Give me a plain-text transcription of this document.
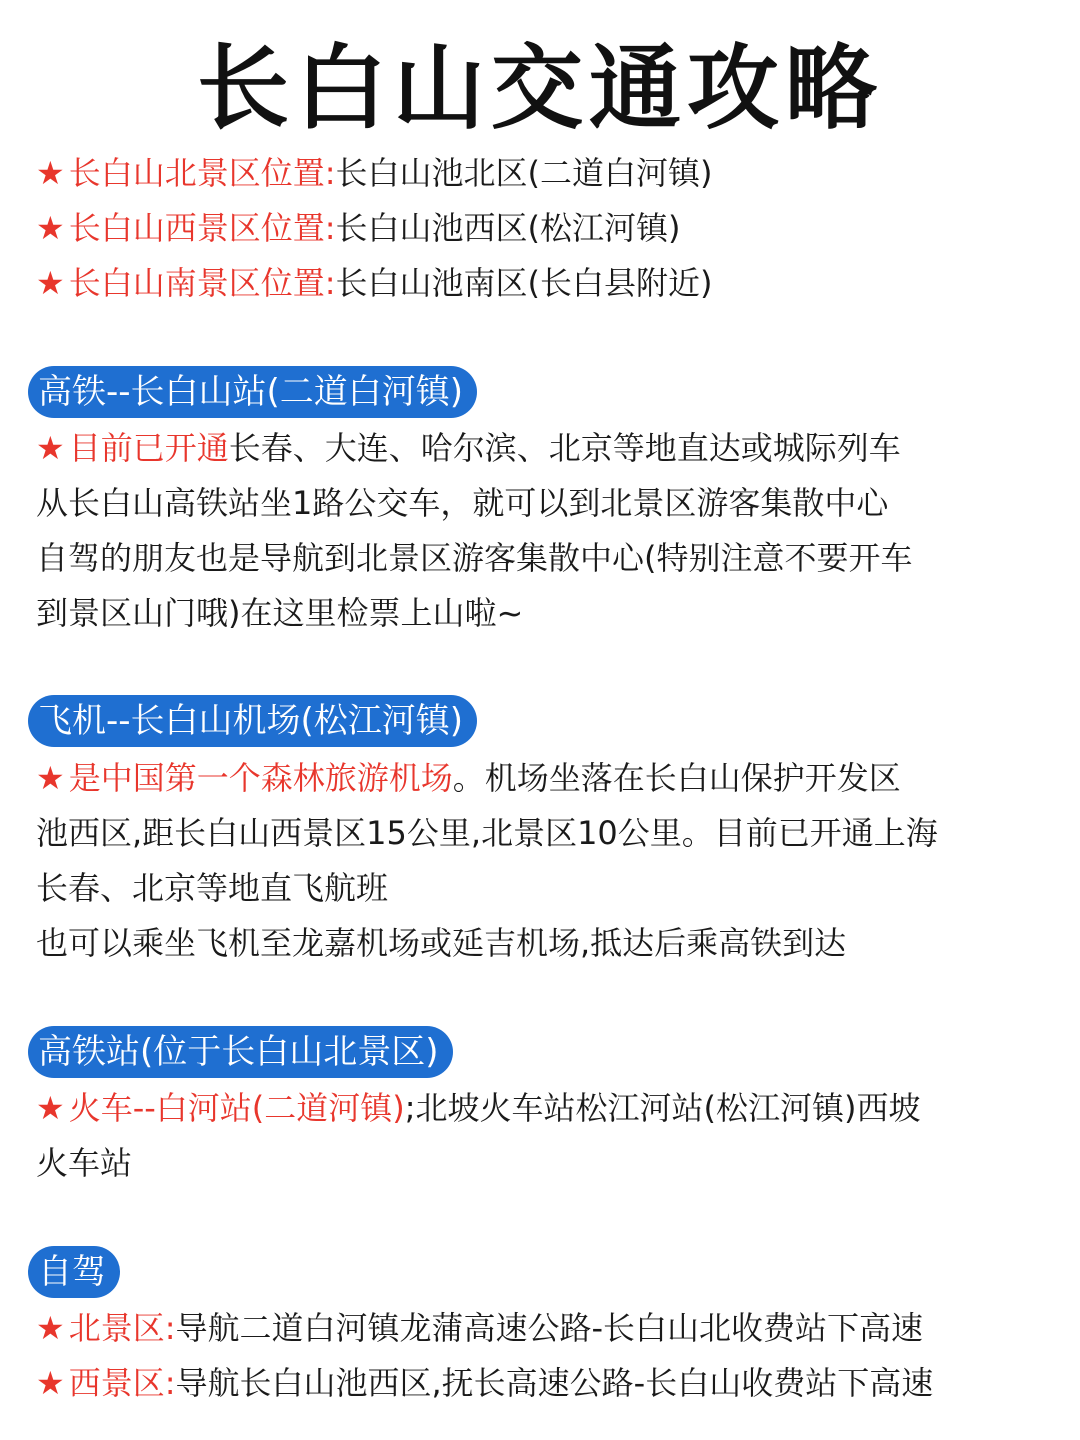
长白山交通攻略
★ 长白山北景区位置:长白山池北区(二道白河镇)
★ 长白山西景区位置:长白山池西区(松江河镇)
★ 长白山南景区位置:长白山池南区(长白县附近)
高铁--长白山站(二道白河镇)
★ 目前已开通长春、大连、哈尔滨、北京等地直达或城际列车
从长白山高铁站坐1路公交车，就可以到北景区游客集散中心
自驾的朋友也是导航到北景区游客集散中心(特别注意不要开车
到景区山门哦)在这里检票上山啦~
飞机--长白山机场(松江河镇)
★ 是中国第一个森林旅游机场。机场坐落在长白山保护开发区
池西区,距长白山西景区15公里,北景区10公里。目前已开通上海
长春、北京等地直飞航班
也可以乘坐飞机至龙嘉机场或延吉机场,抵达后乘高铁到达
高铁站(位于长白山北景区)
★ 火车--白河站(二道河镇);北坡火车站松江河站(松江河镇)西坡
火车站
自驾
★ 北景区:导航二道白河镇龙蒲高速公路-长白山北收费站下高速
★ 西景区:导航长白山池西区,抚长高速公路-长白山收费站下高速
